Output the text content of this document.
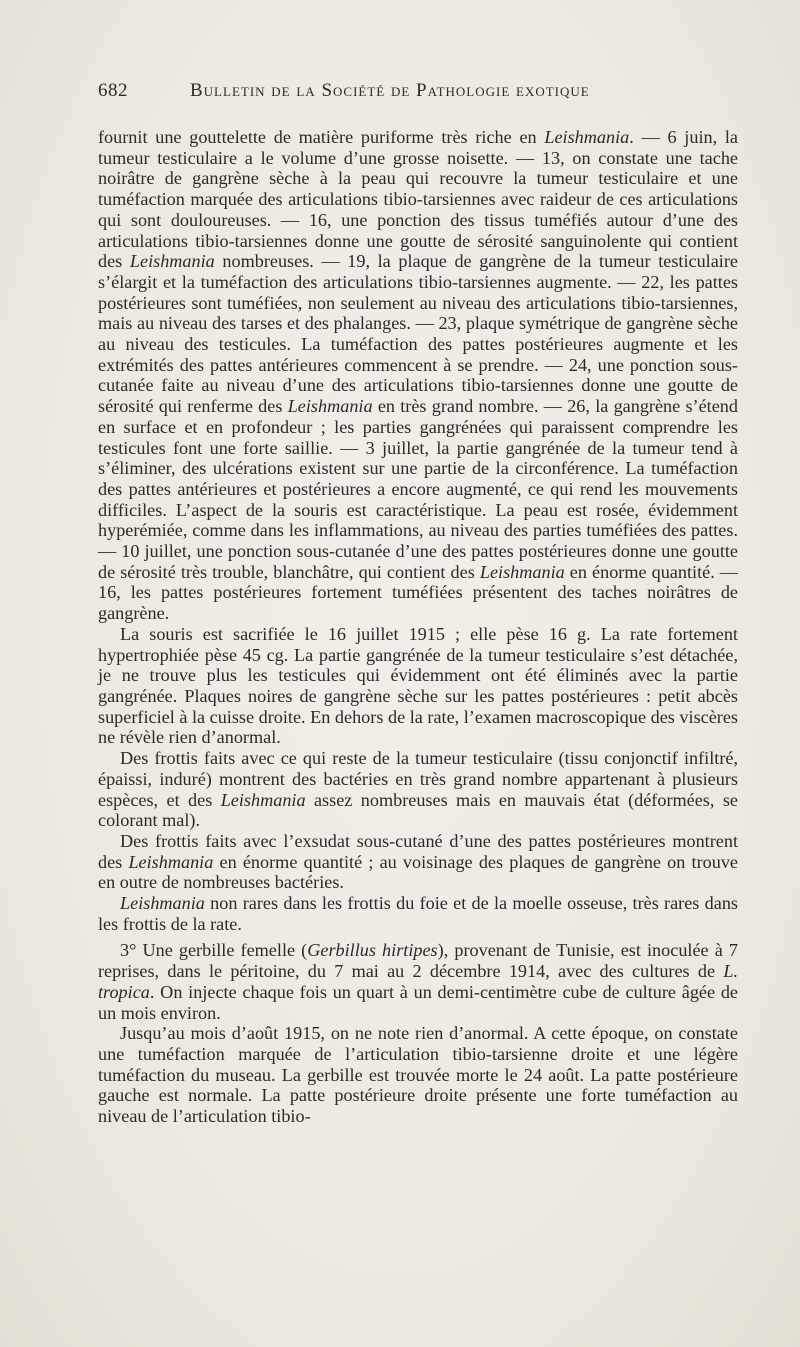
682	Bulletin de la Société de Pathologie exotique

fournit une gouttelette de matière puriforme très riche en Leishmania. — 6 juin, la tumeur testiculaire a le volume d’une grosse noisette. — 13, on constate une tache noirâtre de gangrène sèche à la peau qui recouvre la tumeur testiculaire et une tuméfaction marquée des articulations tibio-tarsiennes avec raideur de ces articulations qui sont douloureuses. — 16, une ponction des tissus tuméfiés autour d’une des articulations tibio-tarsiennes donne une goutte de sérosité sanguinolente qui contient des Leishmania nombreuses. — 19, la plaque de gangrène de la tumeur testiculaire s’élargit et la tuméfaction des articulations tibio-tarsiennes augmente. — 22, les pattes postérieures sont tuméfiées, non seulement au niveau des articulations tibio-tarsiennes, mais au niveau des tarses et des phalanges. — 23, plaque symétrique de gangrène sèche au niveau des testicules. La tuméfaction des pattes postérieures augmente et les extrémités des pattes antérieures commencent à se prendre. — 24, une ponction sous-cutanée faite au niveau d’une des articulations tibio-tarsiennes donne une goutte de sérosité qui renferme des Leishmania en très grand nombre. — 26, la gangrène s’étend en surface et en profondeur ; les parties gangrénées qui paraissent comprendre les testicules font une forte saillie. — 3 juillet, la partie gangrénée de la tumeur tend à s’éliminer, des ulcérations existent sur une partie de la circonférence. La tuméfaction des pattes antérieures et postérieures a encore augmenté, ce qui rend les mouvements difficiles. L’aspect de la souris est caractéristique. La peau est rosée, évidemment hyperémiée, comme dans les inflammations, au niveau des parties tuméfiées des pattes. — 10 juillet, une ponction sous-cutanée d’une des pattes postérieures donne une goutte de sérosité très trouble, blanchâtre, qui contient des Leishmania en énorme quantité. — 16, les pattes postérieures fortement tuméfiées présentent des taches noirâtres de gangrène.

La souris est sacrifiée le 16 juillet 1915 ; elle pèse 16 g. La rate fortement hypertrophiée pèse 45 cg. La partie gangrénée de la tumeur testiculaire s’est détachée, je ne trouve plus les testicules qui évidemment ont été éliminés avec la partie gangrénée. Plaques noires de gangrène sèche sur les pattes postérieures : petit abcès superficiel à la cuisse droite. En dehors de la rate, l’examen macroscopique des viscères ne révèle rien d’anormal.

Des frottis faits avec ce qui reste de la tumeur testiculaire (tissu conjonctif infiltré, épaissi, induré) montrent des bactéries en très grand nombre appartenant à plusieurs espèces, et des Leishmania assez nombreuses mais en mauvais état (déformées, se colorant mal).

Des frottis faits avec l’exsudat sous-cutané d’une des pattes postérieures montrent des Leishmania en énorme quantité ; au voisinage des plaques de gangrène on trouve en outre de nombreuses bactéries.

Leishmania non rares dans les frottis du foie et de la moelle osseuse, très rares dans les frottis de la rate.

3° Une gerbille femelle (Gerbillus hirtipes), provenant de Tunisie, est inoculée à 7 reprises, dans le péritoine, du 7 mai au 2 décembre 1914, avec des cultures de L. tropica. On injecte chaque fois un quart à un demi-centimètre cube de culture âgée de un mois environ.

Jusqu’au mois d’août 1915, on ne note rien d’anormal. A cette époque, on constate une tuméfaction marquée de l’articulation tibio-tarsienne droite et une légère tuméfaction du museau. La gerbille est trouvée morte le 24 août. La patte postérieure gauche est normale. La patte postérieure droite présente une forte tuméfaction au niveau de l’articulation tibio-
